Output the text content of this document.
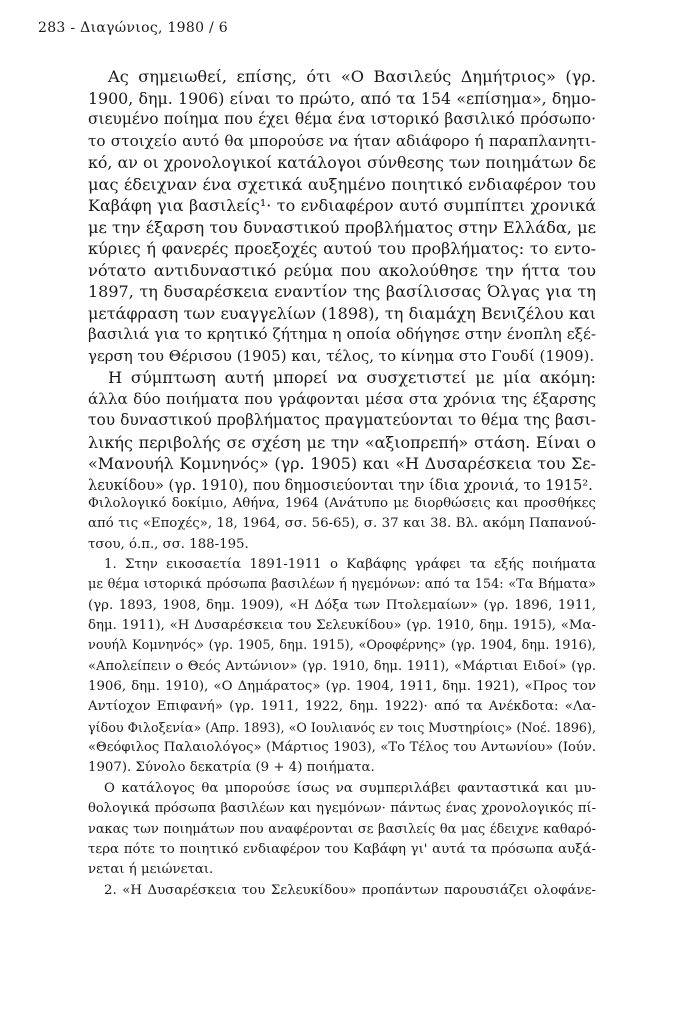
283 - Διαγώνιος, 1980 / 6
Ας σημειωθεί, επίσης, ότι «Ο Βασιλεύς Δημήτριος» (γρ.
1900, δημ. 1906) είναι το πρώτο, από τα 154 «επίσημα», δημο-
σιευμένο ποίημα που έχει θέμα ένα ιστορικό βασιλικό πρόσωπο·
το στοιχείο αυτό θα μπορούσε να ήταν αδιάφορο ή παραπλανητι-
κό, αν οι χρονολογικοί κατάλογοι σύνθεσης των ποιημάτων δε
μας έδειχναν ένα σχετικά αυξημένο ποιητικό ενδιαφέρον του
Καβάφη για βασιλείς¹· το ενδιαφέρον αυτό συμπίπτει χρονικά
με την έξαρση του δυναστικού προβλήματος στην Ελλάδα, με
κύριες ή φανερές προεξοχές αυτού του προβλήματος: το εντο-
νότατο αντιδυναστικό ρεύμα που ακολούθησε την ήττα του
1897, τη δυσαρέσκεια εναντίον της βασίλισσας Όλγας για τη
μετάφραση των ευαγγελίων (1898), τη διαμάχη Βενιζέλου και
βασιλιά για το κρητικό ζήτημα η οποία οδήγησε στην ένοπλη εξέ-
γερση του Θέρισου (1905) και, τέλος, το κίνημα στο Γουδί (1909).
Η σύμπτωση αυτή μπορεί να συσχετιστεί με μία ακόμη:
άλλα δύο ποιήματα που γράφονται μέσα στα χρόνια της έξαρσης
του δυναστικού προβλήματος πραγματεύονται το θέμα της βασι-
λικής περιβολής σε σχέση με την «αξιοπρεπή» στάση. Είναι ο
«Μανουήλ Κομνηνός» (γρ. 1905) και «Η Δυσαρέσκεια του Σε-
λευκίδου» (γρ. 1910), που δημοσιεύονται την ίδια χρονιά, το 1915².
Φιλολογικό δοκίμιο, Αθήνα, 1964 (Ανάτυπο με διορθώσεις και προσθήκες
από τις «Εποχές», 18, 1964, σσ. 56-65), σ. 37 και 38. Βλ. ακόμη Παπανού-
τσου, ό.π., σσ. 188-195.
1. Στην εικοσαετία 1891-1911 ο Καβάφης γράφει τα εξής ποιήματα
με θέμα ιστορικά πρόσωπα βασιλέων ή ηγεμόνων: από τα 154: «Τα Βήματα»
(γρ. 1893, 1908, δημ. 1909), «Η Δόξα των Πτολεμαίων» (γρ. 1896, 1911,
δημ. 1911), «Η Δυσαρέσκεια του Σελευκίδου» (γρ. 1910, δημ. 1915), «Μα-
νουήλ Κομνηνός» (γρ. 1905, δημ. 1915), «Οροφέρνης» (γρ. 1904, δημ. 1916),
«Απολείπειν ο Θεός Αντώνιον» (γρ. 1910, δημ. 1911), «Μάρτιαι Ειδοί» (γρ.
1906, δημ. 1910), «Ο Δημάρατος» (γρ. 1904, 1911, δημ. 1921), «Προς τον
Αντίοχον Επιφανή» (γρ. 1911, 1922, δημ. 1922)· από τα Ανέκδοτα: «Λα-
γίδου Φιλοξενία» (Απρ. 1893), «Ο Ιουλιανός εν τοις Μυστηρίοις» (Νοέ. 1896),
«Θεόφιλος Παλαιολόγος» (Μάρτιος 1903), «Το Τέλος του Αντωνίου» (Ιούν.
1907). Σύνολο δεκατρία (9 + 4) ποιήματα.
Ο κατάλογος θα μπορούσε ίσως να συμπεριλάβει φανταστικά και μυ-
θολογικά πρόσωπα βασιλέων και ηγεμόνων· πάντως ένας χρονολογικός πί-
νακας των ποιημάτων που αναφέρονται σε βασιλείς θα μας έδειχνε καθαρό-
τερα πότε το ποιητικό ενδιαφέρον του Καβάφη γι' αυτά τα πρόσωπα αυξά-
νεται ή μειώνεται.
2. «Η Δυσαρέσκεια του Σελευκίδου» προπάντων παρουσιάζει ολοφάνε-
